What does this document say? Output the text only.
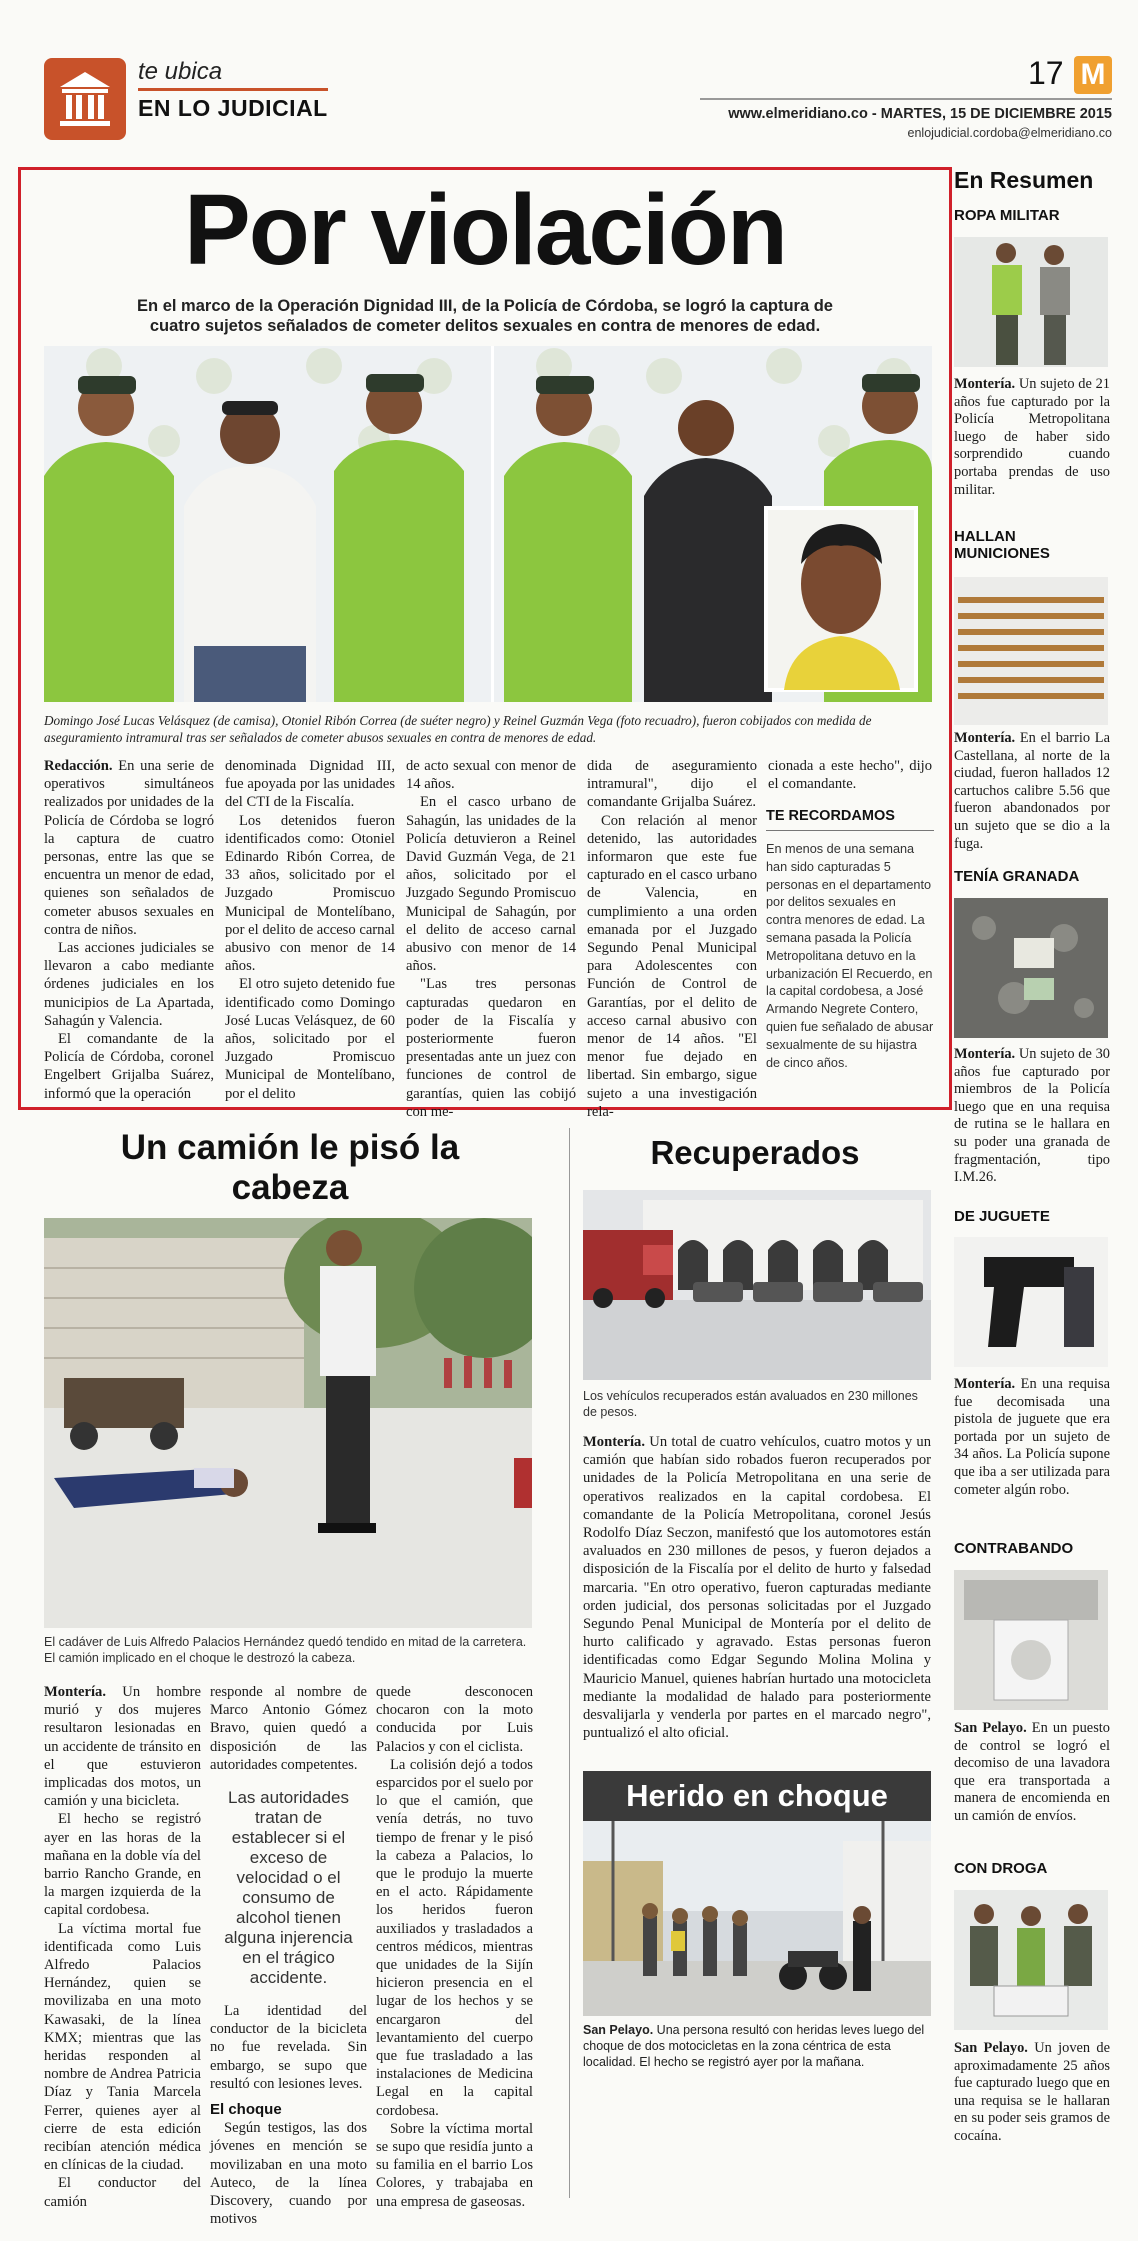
te ubica
EN LO JUDICIAL
17 M
www.elmeridiano.co - MARTES, 15 DE DICIEMBRE 2015
enlojudicial.cordoba@elmeridiano.co
Por violación
En el marco de la Operación Dignidad III, de la Policía de Córdoba, se logró la captura de cuatro sujetos señalados de cometer delitos sexuales en contra de menores de edad.
Domingo José Lucas Velásquez (de camisa), Otoniel Ribón Correa (de suéter negro) y Reinel Guzmán Vega (foto recuadro), fueron cobijados con medida de aseguramiento intramural tras ser señalados de cometer abusos sexuales en contra de menores de edad.

Redacción. En una serie de operativos simultáneos realizados por unidades de la Policía de Córdoba se logró la captura de cuatro personas, entre las que se encuentra un menor de edad, quienes son señalados de cometer abusos sexuales en contra de niños.

Las acciones judiciales se llevaron a cabo mediante órdenes judiciales en los municipios de La Apartada, Sahagún y Valencia.

El comandante de la Policía de Córdoba, coronel Engelbert Grijalba Suárez, informó que la operación

denominada Dignidad III, fue apoyada por las unidades del CTI de la Fiscalía.

Los detenidos fueron identificados como: Otoniel Edinardo Ribón Correa, de 33 años, solicitado por el Juzgado Promiscuo Municipal de Montelíbano, por el delito de acceso carnal abusivo con menor de 14 años.

El otro sujeto detenido fue identificado como Domingo José Lucas Velásquez, de 60 años, solicitado por el Juzgado Promiscuo Municipal de Montelíbano, por el delito

de acto sexual con menor de 14 años.

En el casco urbano de Sahagún, las unidades de la Policía detuvieron a Reinel David Guzmán Vega, de 21 años, solicitado por el Juzgado Segundo Promiscuo Municipal de Sahagún, por el delito de acceso carnal abusivo con menor de 14 años.

"Las tres personas capturadas quedaron en poder de la Fiscalía y posteriormente fueron presentadas ante un juez con funciones de control de garantías, quien las cobijó con me-

dida de aseguramiento intramural", dijo el comandante Grijalba Suárez.

Con relación al menor detenido, las autoridades informaron que este fue capturado en el casco urbano de Valencia, en cumplimiento a una orden emanada por el Juzgado Segundo Penal Municipal para Adolescentes con Función de Control de Garantías, por el delito de acceso carnal abusivo con menor de 14 años. "El menor fue dejado en libertad. Sin embargo, sigue sujeto a una investigación rela-

cionada a este hecho", dijo el comandante.

TE RECORDAMOS
En menos de una semana han sido capturadas 5 personas en el departamento por delitos sexuales en contra menores de edad. La semana pasada la Policía Metropolitana detuvo en la urbanización El Recuerdo, en la capital cordobesa, a José Armando Negrete Contero, quien fue señalado de abusar sexualmente de su hijastra de cinco años.
Un camión le pisó la cabeza
El cadáver de Luis Alfredo Palacios Hernández quedó tendido en mitad de la carretera. El camión implicado en el choque le destrozó la cabeza.

Montería. Un hombre murió y dos mujeres resultaron lesionadas en un accidente de tránsito en el que estuvieron implicadas dos motos, un camión y una bicicleta.

El hecho se registró ayer en las horas de la mañana en la doble vía del barrio Rancho Grande, en la margen izquierda de la capital cordobesa.

La víctima mortal fue identificada como Luis Alfredo Palacios Hernández, quien se movilizaba en una moto Kawasaki, de la línea KMX; mientras que las heridas responden al nombre de Andrea Patricia Díaz y Tania Marcela Ferrer, quienes ayer al cierre de esta edición recibían atención médica en clínicas de la ciudad.

El conductor del camión

responde al nombre de Marco Antonio Gómez Bravo, quien quedó a disposición de las autoridades competentes.

Las autoridades tratan de establecer si el exceso de velocidad o el consumo de alcohol tienen alguna injerencia en el trágico accidente.

La identidad del conductor de la bicicleta no fue revelada. Sin embargo, se supo que resultó con lesiones leves.

El choque

Según testigos, las dos jóvenes en mención se movilizaban en una moto Auteco, de la línea Discovery, cuando por motivos

quede desconocen chocaron con la moto conducida por Luis Palacios y con el ciclista.

La colisión dejó a todos esparcidos por el suelo por lo que el camión, que venía detrás, no tuvo tiempo de frenar y le pisó la cabeza a Palacios, lo que le produjo la muerte en el acto. Rápidamente los heridos fueron auxiliados y trasladados a centros médicos, mientras que unidades de la Sijín hicieron presencia en el lugar de los hechos y se encargaron del levantamiento del cuerpo que fue trasladado a las instalaciones de Medicina Legal en la capital cordobesa.

Sobre la víctima mortal se supo que residía junto a su familia en el barrio Los Colores, y trabajaba en una empresa de gaseosas.

Recuperados
Los vehículos recuperados están avaluados en 230 millones de pesos.

Montería. Un total de cuatro vehículos, cuatro motos y un camión que habían sido robados fueron recuperados por unidades de la Policía Metropolitana en una serie de operativos realizados en la capital cordobesa. El comandante de la Policía Metropolitana, coronel Jesús Rodolfo Díaz Seczon, manifestó que los automotores están avaluados en 230 millones de pesos, y fueron dejados a disposición de la Fiscalía por el delito de hurto y falsedad marcaria. "En otro operativo, fueron capturadas mediante orden judicial, dos personas solicitadas por el Juzgado Segundo Penal Municipal de Montería por el delito de hurto calificado y agravado. Estas personas fueron identificadas como Edgar Segundo Molina Molina y Mauricio Manuel, quienes habrían hurtado una motocicleta mediante la modalidad de halado para posteriormente desvalijarla y venderla por partes en el marcado negro", puntualizó el alto oficial.

Herido en choque
San Pelayo. Una persona resultó con heridas leves luego del choque de dos motocicletas en la zona céntrica de esta localidad. El hecho se registró ayer por la mañana.
En Resumen
ROPA MILITAR
Montería. Un sujeto de 21 años fue capturado por la Policía Metropolitana luego de haber sido sorprendido cuando portaba prendas de uso militar.
HALLAN MUNICIONES
Montería. En el barrio La Castellana, al norte de la ciudad, fueron hallados 12 cartuchos calibre 5.56 que fueron abandonados por un sujeto que se dio a la fuga.
TENÍA GRANADA
Montería. Un sujeto de 30 años fue capturado por miembros de la Policía luego que en una requisa de rutina se le hallara en su poder una granada de fragmentación, tipo I.M.26.
DE JUGUETE
Montería. En una requisa fue decomisada una pistola de juguete que era portada por un sujeto de 34 años. La Policía supone que iba a ser utilizada para cometer algún robo.
CONTRABANDO
San Pelayo. En un puesto de control se logró el decomiso de una lavadora que era transportada a manera de encomienda en un camión de envíos.
CON DROGA
San Pelayo. Un joven de aproximadamente 25 años fue capturado luego que en una requisa se le hallaran en su poder seis gramos de cocaína.
